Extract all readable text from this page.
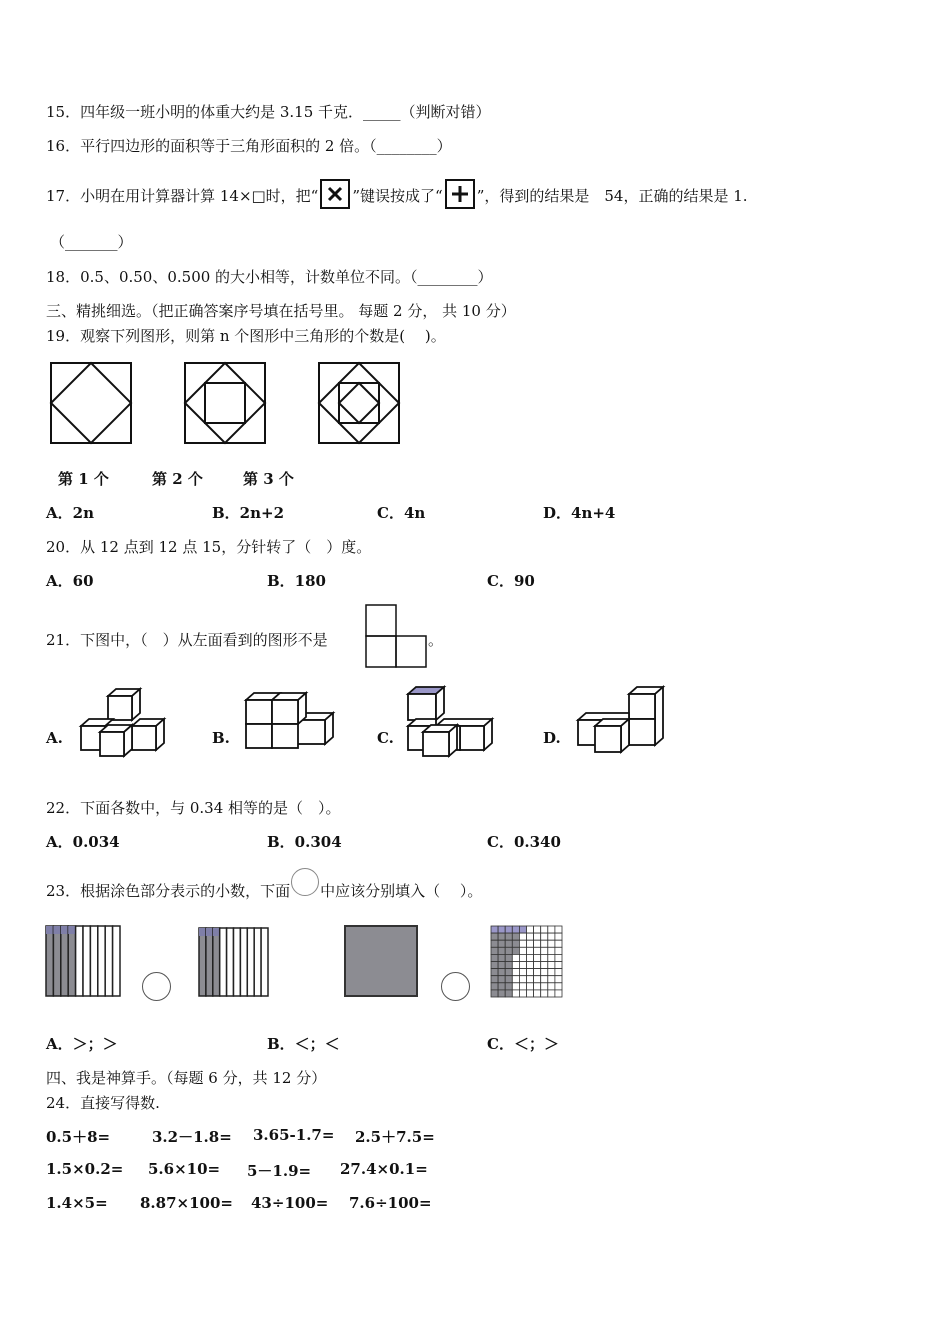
15．四年级一班小明的体重大约是 3.15 千克．_____（判断对错）
16．平行四边形的面积等于三角形面积的 2 倍。（________）
17．小明在用计算器计算 14×□时，把“ ”键误按成了“ ”，得到的结果是　54，正确的结果是 1.
（_______）
18．0.5、0.50、0.500 的大小相等，计数单位不同。（________）
三、精挑细选。（把正确答案序号填在括号里。 每题 2 分， 共 10 分）
19．观察下列图形，则第 n 个图形中三角形的个数是(　 )。
第 1 个	第 2 个	第 3 个
A．2n	B．2n+2	C．4n	D．4n+4
20．从 12 点到 12 点 15，分针转了（　）度。
A．60	B．180	C．90
21．下图中，（　）从左面看到的图形不是	。
A.	B.	C.	D.
22．下面各数中，与 0.34 相等的是（　）。
A．0.034	B．0.304	C．0.340
23．根据涂色部分表示的小数，下面 中应该分别填入（　 ）。
A．＞；＞	B．＜；＜	C．＜；＞
四、我是神算手。（每题 6 分，共 12 分）
24．直接写得数.
0.5＋8=	3.2－1.8= 3.65-1.7= 2.5＋7.5=
1.5×0.2= 5.6×10= 5－1.9= 27.4×0.1=
1.4×5= 8.87×100= 43÷100= 7.6÷100=
